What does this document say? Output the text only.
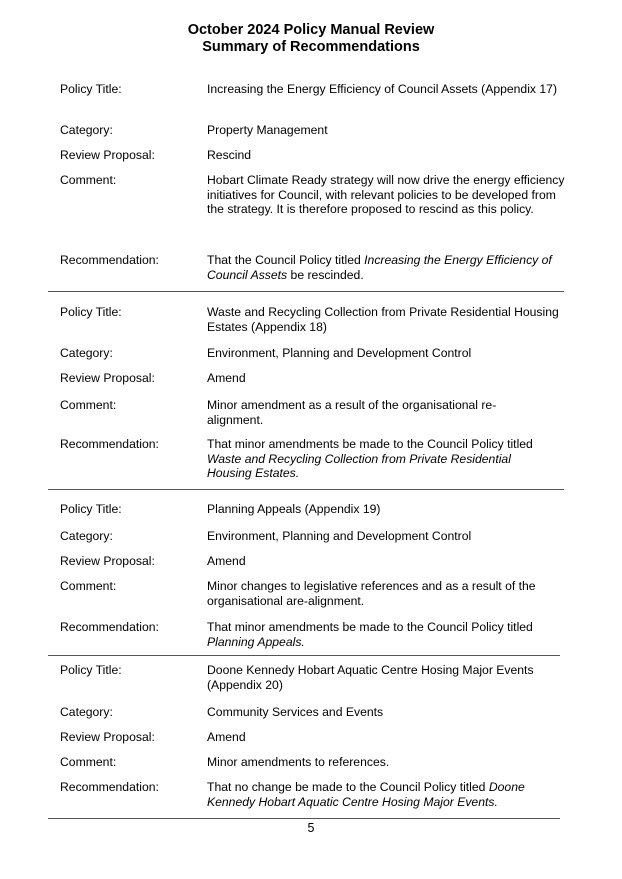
October 2024 Policy Manual Review
Summary of Recommendations
Policy Title:	Increasing the Energy Efficiency of Council Assets (Appendix 17)
Category:	Property Management
Review Proposal:	Rescind
Comment:	Hobart Climate Ready strategy will now drive the energy efficiency initiatives for Council, with relevant policies to be developed from the strategy. It is therefore proposed to rescind as this policy.
Recommendation:	That the Council Policy titled Increasing the Energy Efficiency of Council Assets be rescinded.
Policy Title:	Waste and Recycling Collection from Private Residential Housing Estates (Appendix 18)
Category:	Environment, Planning and Development Control
Review Proposal:	Amend
Comment:	Minor amendment as a result of the organisational re-alignment.
Recommendation:	That minor amendments be made to the Council Policy titled Waste and Recycling Collection from Private Residential Housing Estates.
Policy Title:	Planning Appeals (Appendix 19)
Category:	Environment, Planning and Development Control
Review Proposal:	Amend
Comment:	Minor changes to legislative references and as a result of the organisational are-alignment.
Recommendation:	That minor amendments be made to the Council Policy titled Planning Appeals.
Policy Title:	Doone Kennedy Hobart Aquatic Centre Hosing Major Events (Appendix 20)
Category:	Community Services and Events
Review Proposal:	Amend
Comment:	Minor amendments to references.
Recommendation:	That no change be made to the Council Policy titled Doone Kennedy Hobart Aquatic Centre Hosing Major Events.
5
